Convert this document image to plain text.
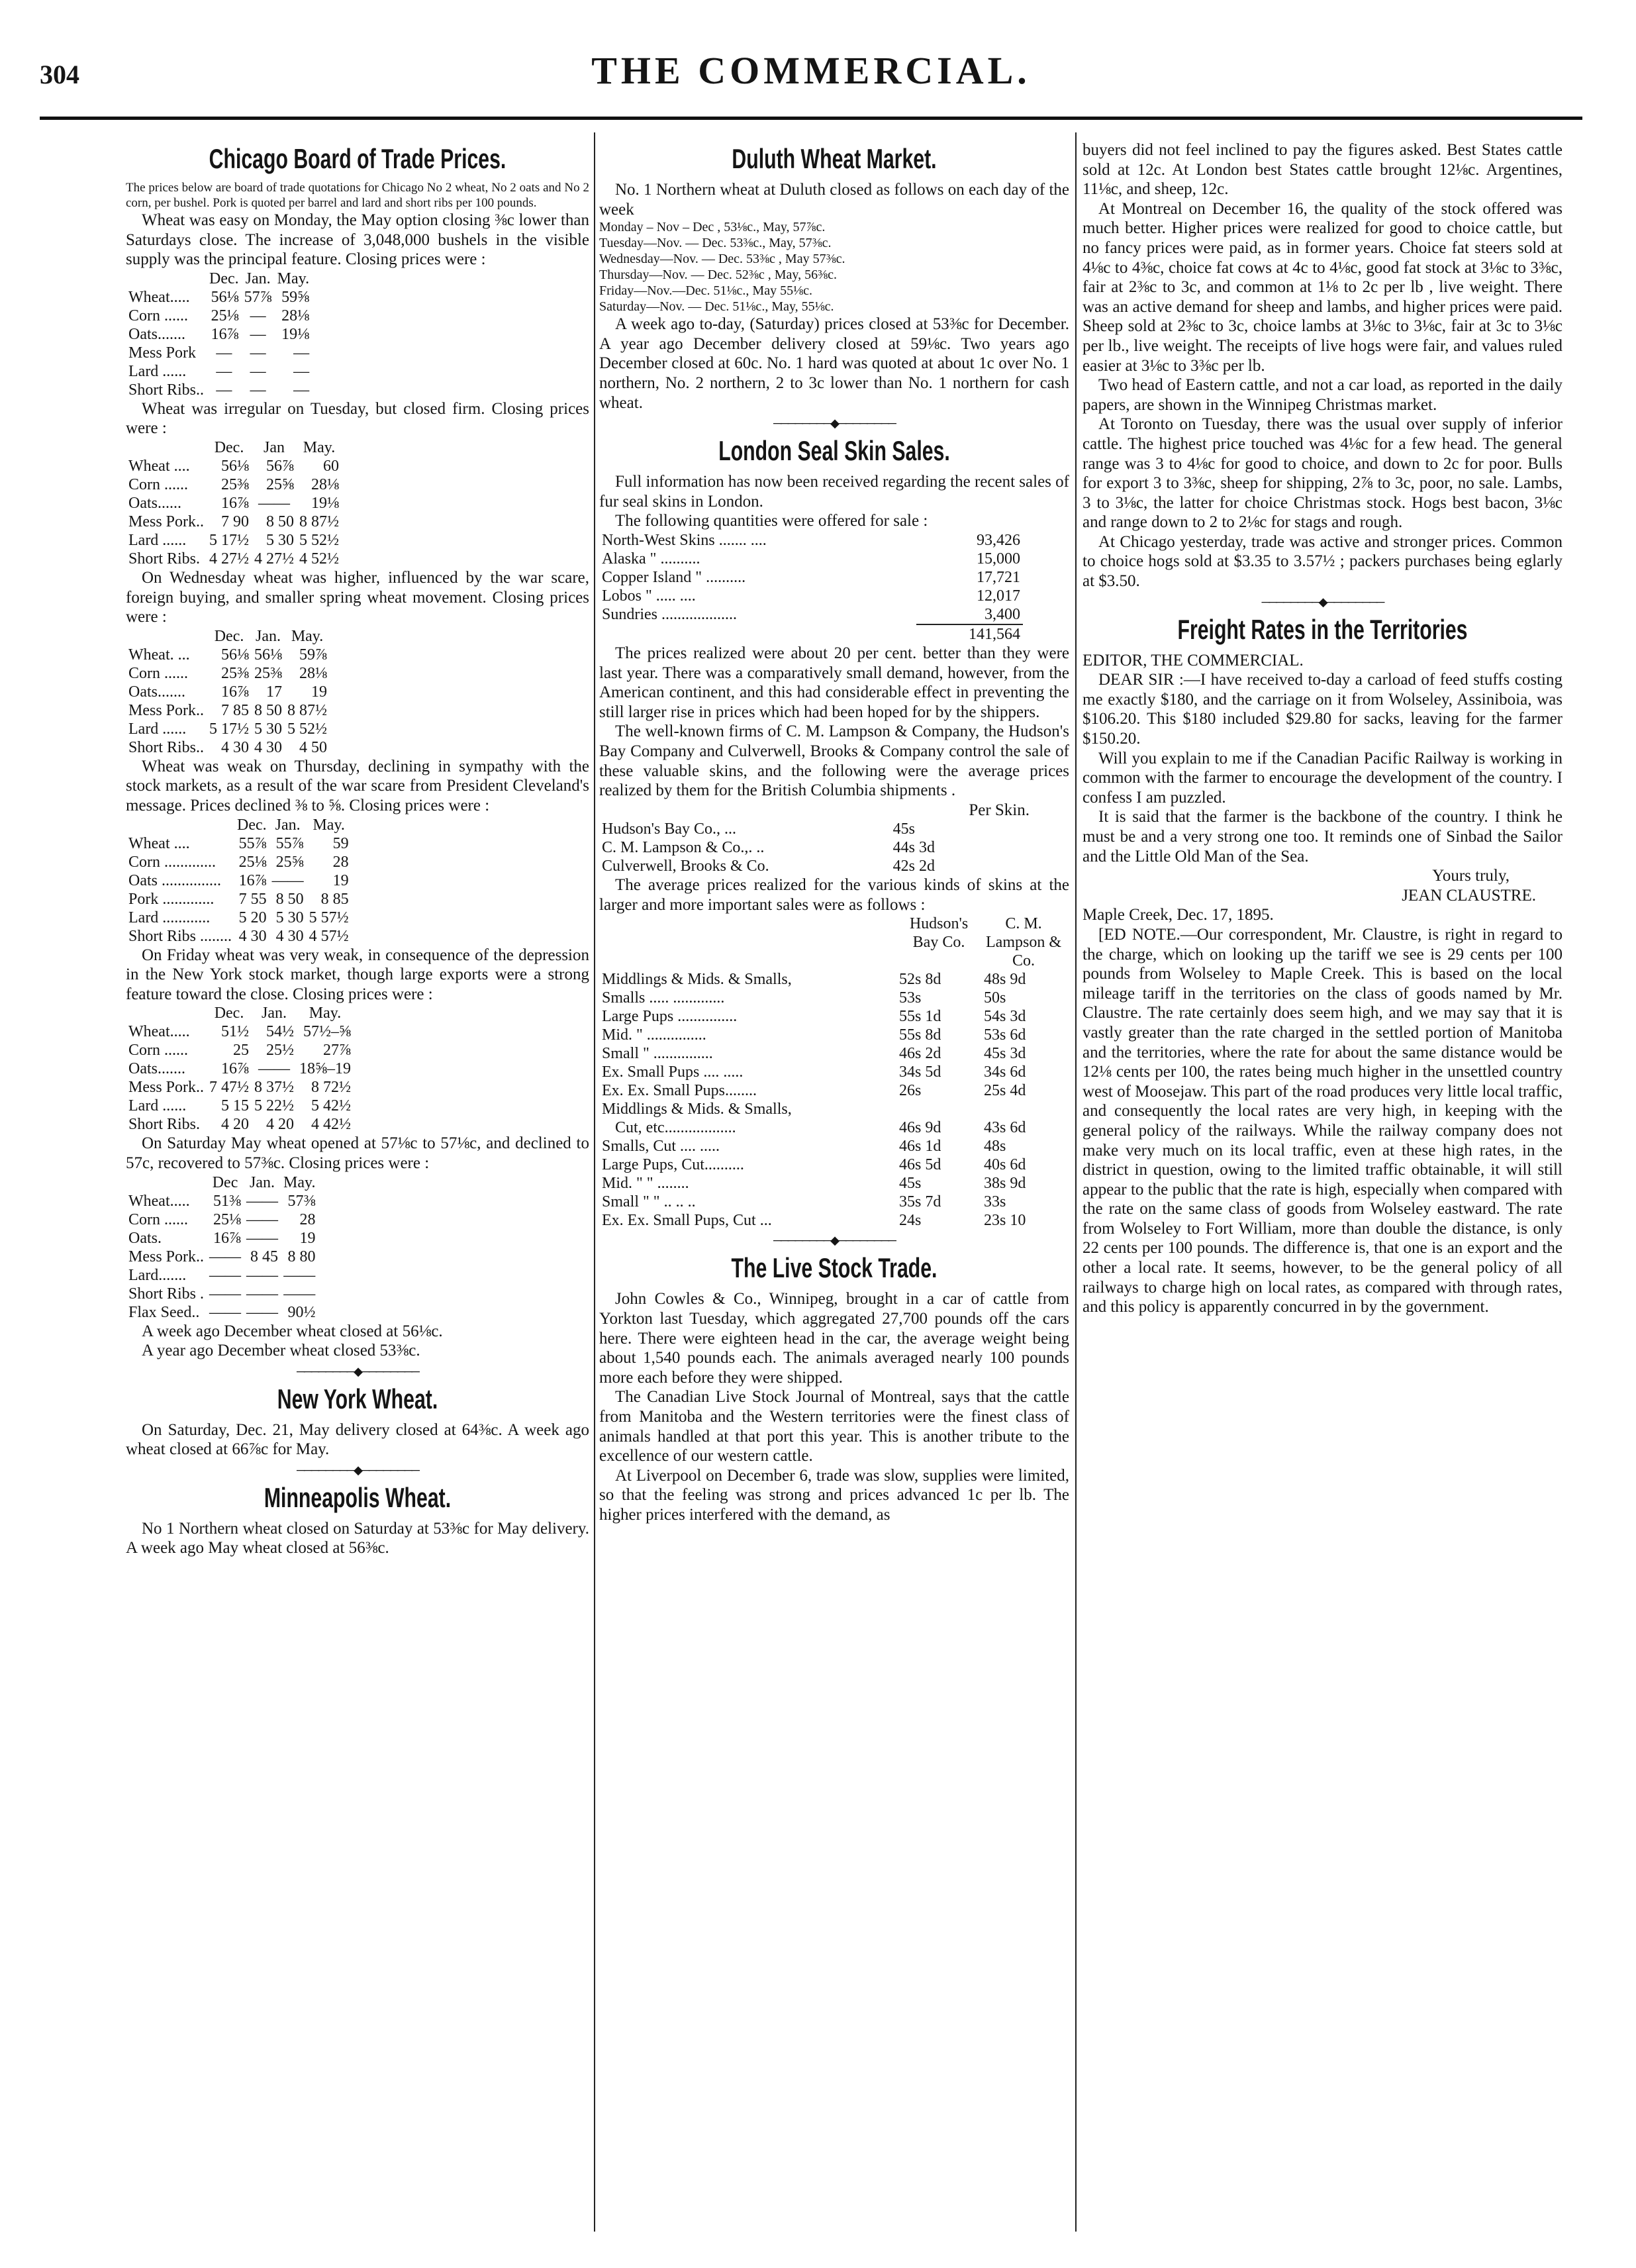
304	THE COMMERCIAL.
Chicago Board of Trade Prices.
The prices below are board of trade quotations for Chicago No 2 wheat, No 2 oats and No 2 corn, per bushel. Pork is quoted per barrel and lard and short ribs per 100 pounds.

Wheat was easy on Monday, the May option closing ⅜c lower than Saturdays close. The increase of 3,048,000 bushels in the visible supply was the principal feature. Closing prices were :

	Dec.	Jan.	May.
Wheat.....	56⅛	57⅞	59⅝
Corn ......	25⅛	—	28⅛
Oats.......	16⅞	—	19⅛
Mess Pork	—	—	—
Lard ......	—	—	—
Short Ribs..	—	—	—

Wheat was irregular on Tuesday, but closed firm. Closing prices were :

	Dec.	Jan	May.
Wheat ....	56⅛	56⅞	60
Corn ......	25⅜	25⅝	28⅛
Oats......	16⅞	——	19⅛
Mess Pork..	7 90	8 50	8 87½
Lard ......	5 17½	5 30	5 52½
Short Ribs.	4 27½	4 27½	4 52½

On Wednesday wheat was higher, influenced by the war scare, foreign buying, and smaller spring wheat movement. Closing prices were :

	Dec.	Jan.	May.
Wheat. ...	56⅛	56⅛	59⅞
Corn ......	25⅜	25⅜	28⅛
Oats.......	16⅞	17	19
Mess Pork..	7 85	8 50	8 87½
Lard ......	5 17½	5 30	5 52½
Short Ribs..	4 30	4 30	4 50

Wheat was weak on Thursday, declining in sympathy with the stock markets, as a result of the war scare from President Cleveland's message. Prices declined ⅜ to ⅝. Closing prices were :

	Dec.	Jan.	May.
Wheat ....	55⅞	55⅞	59
Corn .............	25⅛	25⅝	28
Oats ...............	16⅞	——	19
Pork .............	7 55	8 50	8 85
Lard ............	5 20	5 30	5 57½
Short Ribs ........	4 30	4 30	4 57½

On Friday wheat was very weak, in consequence of the depression in the New York stock market, though large exports were a strong feature toward the close. Closing prices were :

	Dec.	Jan.	May.
Wheat.....	51½	54½	57½–⅝
Corn ......	25	25½	27⅞
Oats.......	16⅞	——	18⅝–19
Mess Pork..	7 47½	8 37½	8 72½
Lard ......	5 15	5 22½	5 42½
Short Ribs.	4 20	4 20	4 42½

On Saturday May wheat opened at 57⅛c to 57⅛c, and declined to 57c, recovered to 57⅜c. Closing prices were :

	Dec	Jan.	May.
Wheat.....	51⅜	——	57⅜
Corn ......	25⅛	——	28
Oats.	16⅞	——	19
Mess Pork..	——	8 45	8 80
Lard.......	——	——	——
Short Ribs .	——	——	——
Flax Seed..	——	——	90½

A week ago December wheat closed at 56⅛c.

A year ago December wheat closed 53⅜c.

────────◆────────
New York Wheat.

On Saturday, Dec. 21, May delivery closed at 64⅜c. A week ago wheat closed at 66⅞c for May.

────────◆────────
Minneapolis Wheat.

No 1 Northern wheat closed on Saturday at 53⅜c for May delivery. A week ago May wheat closed at 56⅜c.

Duluth Wheat Market.

No. 1 Northern wheat at Duluth closed as follows on each day of the week

Monday – Nov – Dec , 53⅛c., May, 57⅞c.
Tuesday—Nov. — Dec. 53⅜c., May, 57⅜c.
Wednesday—Nov. — Dec. 53⅜c , May 57⅜c.
Thursday—Nov. — Dec. 52⅜c , May, 56⅜c.
Friday—Nov.—Dec. 51⅛c., May 55⅛c.
Saturday—Nov. — Dec. 51⅛c., May, 55⅛c.

A week ago to-day, (Saturday) prices closed at 53⅜c for December. A year ago December delivery closed at 59⅛c. Two years ago December closed at 60c. No. 1 hard was quoted at about 1c over No. 1 northern, No. 2 northern, 2 to 3c lower than No. 1 northern for cash wheat.

────────◆────────
London Seal Skin Sales.

Full information has now been received regarding the recent sales of fur seal skins in London.

The following quantities were offered for sale :

North-West Skins ....... ....	93,426
Alaska " ..........	15,000
Copper Island " ..........	17,721
Lobos " ..... ....	12,017
Sundries ...................	3,400
	141,564

The prices realized were about 20 per cent. better than they were last year. There was a comparatively small demand, however, from the American continent, and this had considerable effect in preventing the still larger rise in prices which had been hoped for by the shippers.

The well-known firms of C. M. Lampson & Company, the Hudson's Bay Company and Culverwell, Brooks & Company control the sale of these valuable skins, and the following were the average prices realized by them for the British Columbia shipments .

Per Skin.
Hudson's Bay Co., ...	45s
C. M. Lampson & Co.,. ..	44s 3d
Culverwell, Brooks & Co.	42s 2d

The average prices realized for the various kinds of skins at the larger and more important sales were as follows :

	Hudson's Bay Co.	C. M. Lampson & Co.
Middlings & Mids. & Smalls,	52s 8d	48s 9d
Smalls ..... .............	53s	50s
Large Pups ...............	55s 1d	54s 3d
Mid. " ...............	55s 8d	53s 6d
Small " ...............	46s 2d	45s 3d
Ex. Small Pups .... .....	34s 5d	34s 6d
Ex. Ex. Small Pups........	26s	25s 4d
Middlings & Mids. & Smalls,		
Cut, etc..................	46s 9d	43s 6d
Smalls, Cut .... .....	46s 1d	48s
Large Pups, Cut..........	46s 5d	40s 6d
Mid. " " ........	45s	38s 9d
Small " " .. .. ..	35s 7d	33s
Ex. Ex. Small Pups, Cut ...	24s	23s 10
────────◆────────
The Live Stock Trade.

John Cowles & Co., Winnipeg, brought in a car of cattle from Yorkton last Tuesday, which aggregated 27,700 pounds off the cars here. There were eighteen head in the car, the average weight being about 1,540 pounds each. The animals averaged nearly 100 pounds more each before they were shipped.

The Canadian Live Stock Journal of Montreal, says that the cattle from Manitoba and the Western territories were the finest class of animals handled at that port this year. This is another tribute to the excellence of our western cattle.

At Liverpool on December 6, trade was slow, supplies were limited, so that the feeling was strong and prices advanced 1c per lb. The higher prices interfered with the demand, as

buyers did not feel inclined to pay the figures asked. Best States cattle sold at 12c. At London best States cattle brought 12⅛c. Argentines, 11⅛c, and sheep, 12c.

At Montreal on December 16, the quality of the stock offered was much better. Higher prices were realized for good to choice cattle, but no fancy prices were paid, as in former years. Choice fat steers sold at 4⅛c to 4⅜c, choice fat cows at 4c to 4⅛c, good fat stock at 3⅛c to 3⅜c, fair at 2⅜c to 3c, and common at 1⅛ to 2c per lb , live weight. There was an active demand for sheep and lambs, and higher prices were paid. Sheep sold at 2⅜c to 3c, choice lambs at 3⅛c to 3⅛c, fair at 3c to 3⅛c per lb., live weight. The receipts of live hogs were fair, and values ruled easier at 3⅛c to 3⅜c per lb.

Two head of Eastern cattle, and not a car load, as reported in the daily papers, are shown in the Winnipeg Christmas market.

At Toronto on Tuesday, there was the usual over supply of inferior cattle. The highest price touched was 4⅛c for a few head. The general range was 3 to 4⅛c for good to choice, and down to 2c for poor. Bulls for export 3 to 3⅜c, sheep for shipping, 2⅞ to 3c, poor, no sale. Lambs, 3 to 3⅛c, the latter for choice Christmas stock. Hogs best bacon, 3⅛c and range down to 2 to 2⅛c for stags and rough.

At Chicago yesterday, trade was active and stronger prices. Common to choice hogs sold at $3.35 to 3.57½ ; packers purchases being eglarly at $3.50.

────────◆────────
Freight Rates in the Territories
EDITOR, THE COMMERCIAL.

DEAR SIR :—I have received to-day a carload of feed stuffs costing me exactly $180, and the carriage on it from Wolseley, Assiniboia, was $106.20. This $180 included $29.80 for sacks, leaving for the farmer $150.20.

Will you explain to me if the Canadian Pacific Railway is working in common with the farmer to encourage the development of the country. I confess I am puzzled.

It is said that the farmer is the backbone of the country. I think he must be and a very strong one too. It reminds one of Sinbad the Sailor and the Little Old Man of the Sea.

Yours truly,
JEAN CLAUSTRE.
Maple Creek, Dec. 17, 1895.

[ED NOTE.—Our correspondent, Mr. Claustre, is right in regard to the charge, which on looking up the tariff we see is 29 cents per 100 pounds from Wolseley to Maple Creek. This is based on the local mileage tariff in the territories on the class of goods named by Mr. Claustre. The rate certainly does seem high, and we may say that it is vastly greater than the rate charged in the settled portion of Manitoba and the territories, where the rate for about the same distance would be 12⅛ cents per 100, the rates being much higher in the unsettled country west of Moosejaw. This part of the road produces very little local traffic, and consequently the local rates are very high, in keeping with the general policy of the railways. While the railway company does not make very much on its local traffic, even at these high rates, in the district in question, owing to the limited traffic obtainable, it will still appear to the public that the rate is high, especially when compared with the rate on the same class of goods from Wolseley eastward. The rate from Wolseley to Fort William, more than double the distance, is only 22 cents per 100 pounds. The difference is, that one is an export and the other a local rate. It seems, however, to be the general policy of all railways to charge high on local rates, as compared with through rates, and this policy is apparently concurred in by the government.
